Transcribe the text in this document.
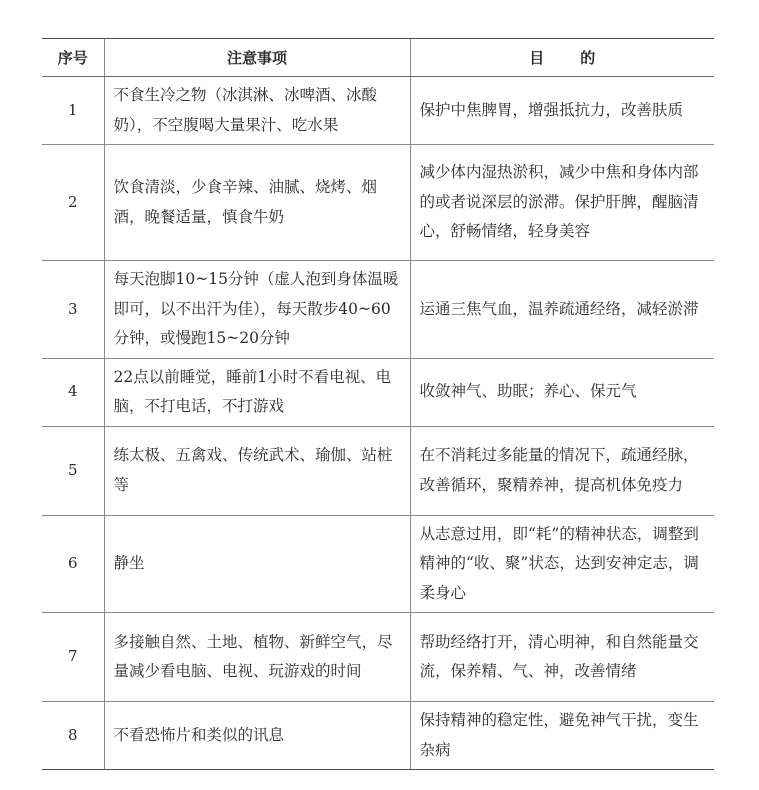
序号	注意事项	目的
1	不食生冷之物（冰淇淋、冰啤酒、冰酸奶），不空腹喝大量果汁、吃水果	保护中焦脾胃，增强抵抗力，改善肤质
2	饮食清淡，少食辛辣、油腻、烧烤、烟酒，晚餐适量，慎食牛奶	减少体内湿热淤积，减少中焦和身体内部的或者说深层的淤滞。保护肝脾，醒脑清心，舒畅情绪，轻身美容
3	每天泡脚10~15分钟（虚人泡到身体温暖即可，以不出汗为佳），每天散步40~60分钟，或慢跑15~20分钟	运通三焦气血，温养疏通经络，减轻淤滞
4	22点以前睡觉，睡前1小时不看电视、电脑，不打电话，不打游戏	收敛神气、助眠；养心、保元气
5	练太极、五禽戏、传统武术、瑜伽、站桩等	在不消耗过多能量的情况下，疏通经脉，改善循环，聚精养神，提高机体免疫力
6	静坐	从志意过用，即“耗”的精神状态，调整到精神的“收、聚”状态，达到安神定志，调柔身心
7	多接触自然、土地、植物、新鲜空气，尽量减少看电脑、电视、玩游戏的时间	帮助经络打开，清心明神，和自然能量交流，保养精、气、神，改善情绪
8	不看恐怖片和类似的讯息	保持精神的稳定性，避免神气干扰，变生杂病
